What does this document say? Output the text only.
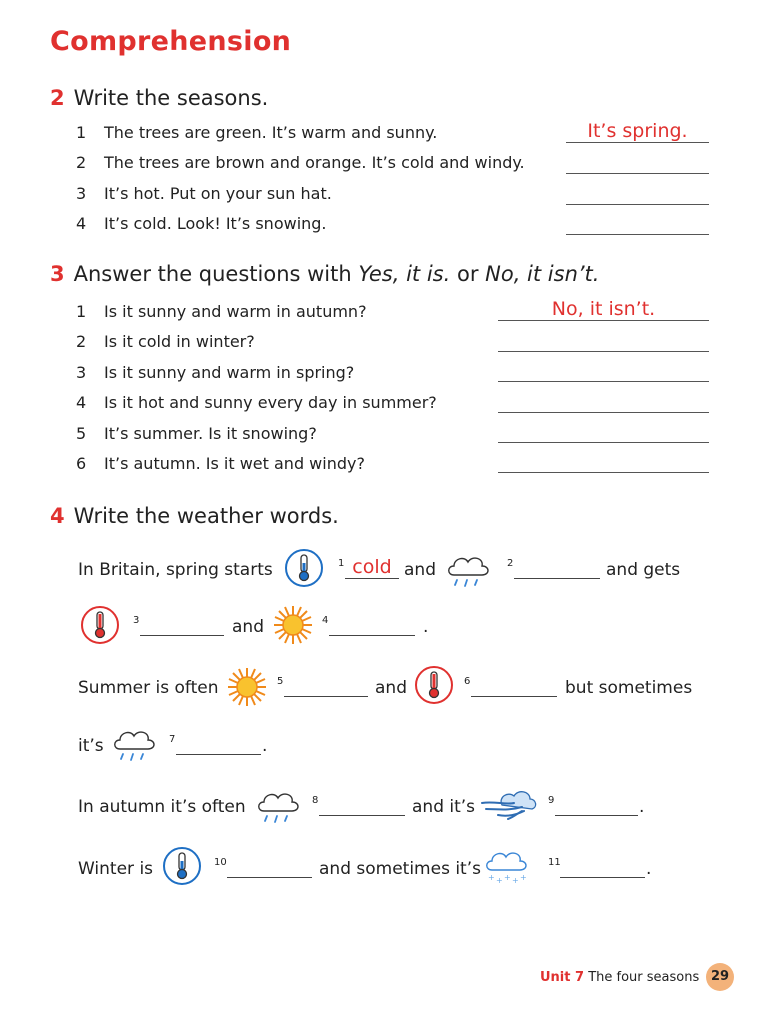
Comprehension
2 Write the seasons.
1 The trees are green. It’s warm and sunny.	It’s spring.
2 The trees are brown and orange. It’s cold and windy.
3 It’s hot. Put on your sun hat.
4 It’s cold. Look! It’s snowing.
3 Answer the questions with Yes, it is. or No, it isn’t.
1 Is it sunny and warm in autumn?	No, it isn’t.
2 Is it cold in winter?
3 Is it sunny and warm in spring?
4 Is it hot and sunny every day in summer?
5 It’s summer. Is it snowing?
6 It’s autumn. Is it wet and windy?
4 Write the weather words.
In Britain, spring starts	1 cold and	2	and gets
3	and	4	.
Summer is often	5	and	6	but sometimes
it’s	7	.
In autumn it’s often	8	and it’s	9	.
Winter is	10	and sometimes it’s	11	.
Unit 7 The four seasons 29
